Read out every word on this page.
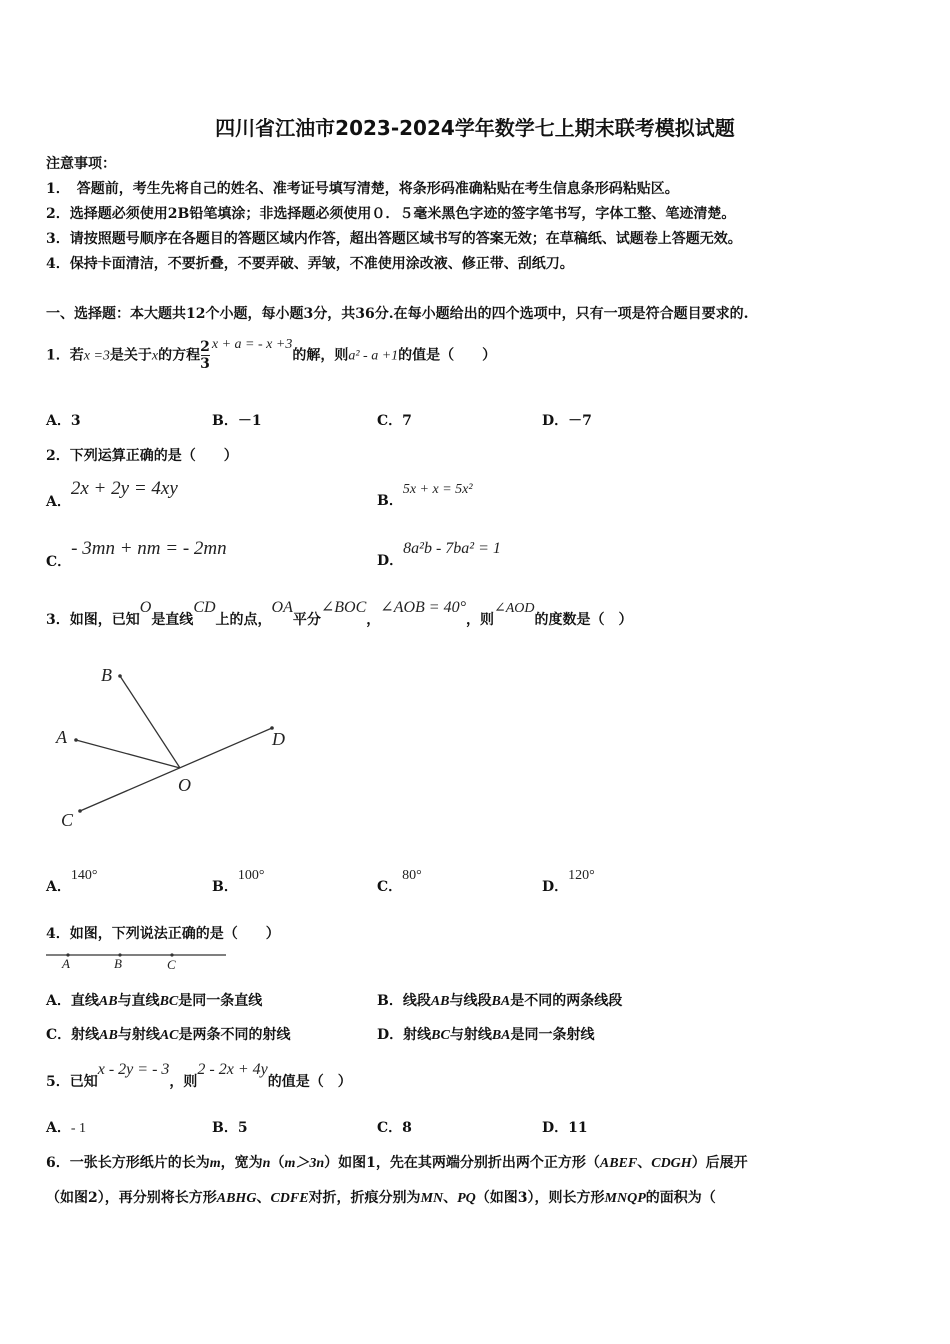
四川省江油市2023-2024学年数学七上期末联考模拟试题
注意事项：
1．　答题前，考生先将自己的姓名、准考证号填写清楚，将条形码准确粘贴在考生信息条形码粘贴区。
2．选择题必须使用2B铅笔填涂；非选择题必须使用０．５毫米黑色字迹的签字笔书写，字体工整、笔迹清楚。
3．请按照题号顺序在各题目的答题区域内作答，超出答题区域书写的答案无效；在草稿纸、试题卷上答题无效。
4．保持卡面清洁，不要折叠，不要弄破、弄皱，不准使用涂改液、修正带、刮纸刀。
一、选择题：本大题共12个小题，每小题3分，共36分.在每小题给出的四个选项中，只有一项是符合题目要求的.
1．若x =3是关于x的方程 $\frac{2}{3}$ x + a = - x +3的解，则a² - a +1的值是（　　）
A．3	B．－1	C．7	D．－7
2．下列运算正确的是（　　）
A．2x + 2y = 4xy
B．5x + x = 5x²
C．- 3mn + nm = - 2mn
D．8a²b - 7ba² = 1
3．如图，已知O是直线CD上的点，OA平分∠BOC，∠AOB = 40°，则∠AOD的度数是（　）
B
A	D
O
C
A．140°
B．100°
C．80°
D．120°
4．如图，下列说法正确的是（　　）
A	B	C
A．直线AB与直线BC是同一条直线	B．线段AB与线段BA是不同的两条线段
C．射线AB与射线AC是两条不同的射线	D．射线BC与射线BA是同一条射线
5．已知x - 2y = - 3，则2 - 2x + 4y的值是（　）
A．- 1	B．5	C．8	D．11
6．一张长方形纸片的长为m，宽为n（m＞3n）如图1，先在其两端分别折出两个正方形（ABEF、CDGH）后展开
（如图2），再分别将长方形ABHG、CDFE对折，折痕分别为MN、PQ（如图3），则长方形MNQP的面积为（
